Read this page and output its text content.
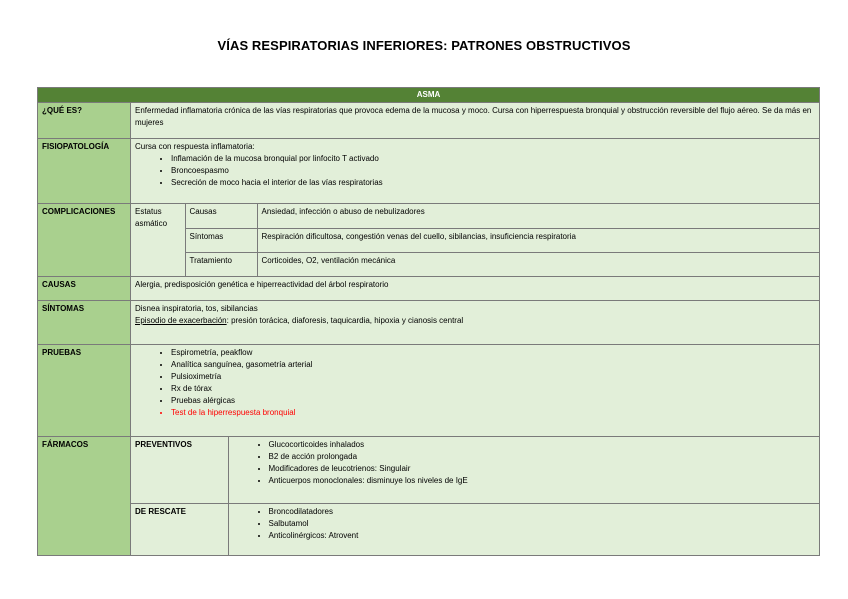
VÍAS RESPIRATORIAS INFERIORES: PATRONES OBSTRUCTIVOS
ASMA
¿QUÉ ES?	Enfermedad inflamatoria crónica de las vías respiratorias que provoca edema de la mucosa y moco. Cursa con hiperrespuesta bronquial y obstrucción reversible del flujo aéreo. Se da más en mujeres
FISIOPATOLOGÍA	Cursa con respuesta inflamatoria:
• Inflamación de la mucosa bronquial por linfocito T activado
• Broncoespasmo
• Secreción de moco hacia el interior de las vías respiratorias

COMPLICACIONES	Estatus asmático	Causas	Ansiedad, infección o abuso de nebulizadores
Síntomas	Respiración dificultosa, congestión venas del cuello, sibilancias, insuficiencia respiratoria
Tratamiento	Corticoides, O2, ventilación mecánica

CAUSAS	Alergia, predisposición genética e hiperreactividad del árbol respiratorio
SÍNTOMAS	Disnea inspiratoria, tos, sibilancias
Episodio de exacerbación: presión torácica, diaforesis, taquicardia, hipoxia y cianosis central

PRUEBAS	
•Espirometría, peakflow
• Analítica sanguínea, gasometría arterial
• Pulsioximetría
• Rx de tórax
• Pruebas alérgicas
• Test de la hiperrespuesta bronquial

FÁRMACOS		PREVENTIVOS	
•Glucocorticoides inhalados
• B2 de acción prolongada
• Modificadores de leucotrienos: Singulair
• Anticuerpos monoclonales: disminuye los niveles de IgE

DE RESCATE	
•Broncodilatadores
• Salbutamol
• Anticolinérgicos: Atrovent
